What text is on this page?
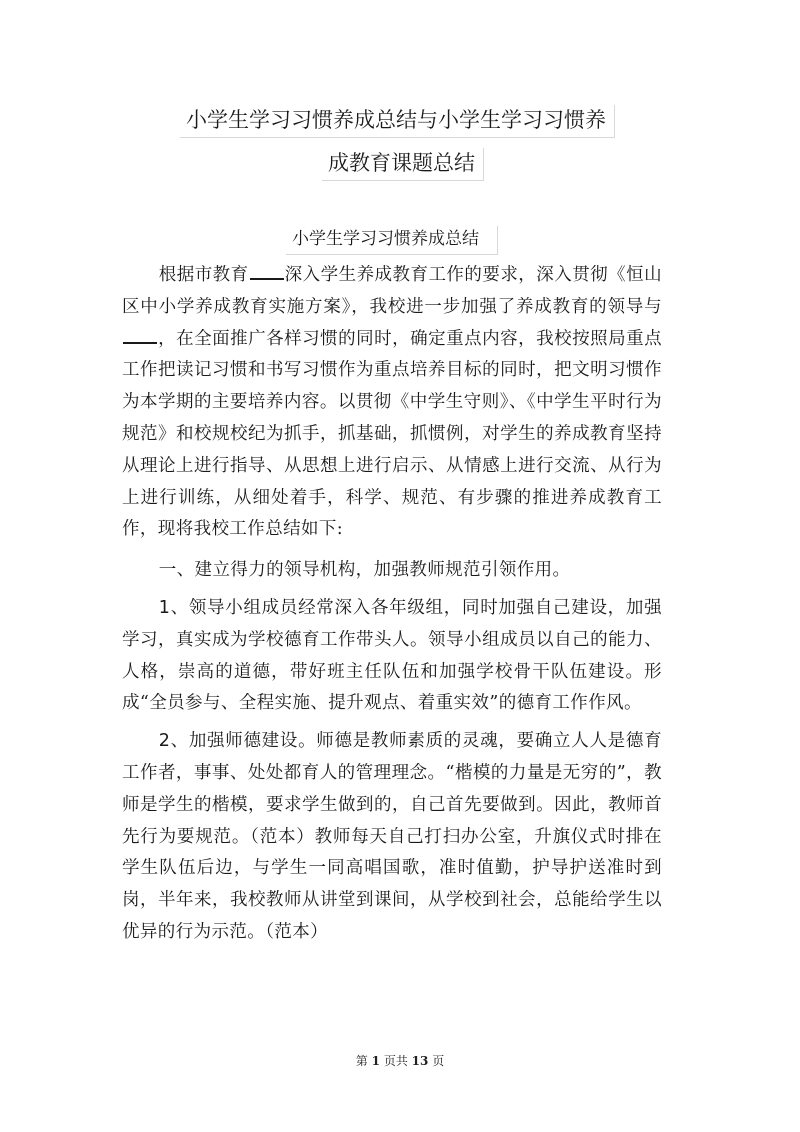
小学生学习习惯养成总结与小学生学习习惯养
成教育课题总结
小学生学习习惯养成总结

根据市教育 深入学生养成教育工作的要求，深入贯彻《恒山区中小学养成教育实施方案》，我校进一步加强了养成教育的领导与，在全面推广各样习惯的同时，确定重点内容，我校按照局重点工作把读记习惯和书写习惯作为重点培养目标的同时，把文明习惯作为本学期的主要培养内容。以贯彻《中学生守则》、《中学生平时行为规范》和校规校纪为抓手，抓基础，抓惯例，对学生的养成教育坚持从理论上进行指导、从思想上进行启示、从情感上进行交流、从行为上进行训练，从细处着手，科学、规范、有步骤的推进养成教育工作，现将我校工作总结如下:

一、建立得力的领导机构，加强教师规范引领作用。

1、领导小组成员经常深入各年级组，同时加强自己建设，加强学习，真实成为学校德育工作带头人。领导小组成员以自己的能力、人格，崇高的道德，带好班主任队伍和加强学校骨干队伍建设。形成“全员参与、全程实施、提升观点、着重实效”的德育工作作风。

2、加强师德建设。师德是教师素质的灵魂，要确立人人是德育工作者，事事、处处都育人的管理理念。“楷模的力量是无穷的”，教师是学生的楷模，要求学生做到的，自己首先要做到。因此，教师首先行为要规范。（范本）教师每天自己打扫办公室，升旗仪式时排在学生队伍后边，与学生一同高唱国歌，准时值勤，护导护送准时到岗，半年来，我校教师从讲堂到课间，从学校到社会，总能给学生以优异的行为示范。（范本）

第 1 页共 13 页
